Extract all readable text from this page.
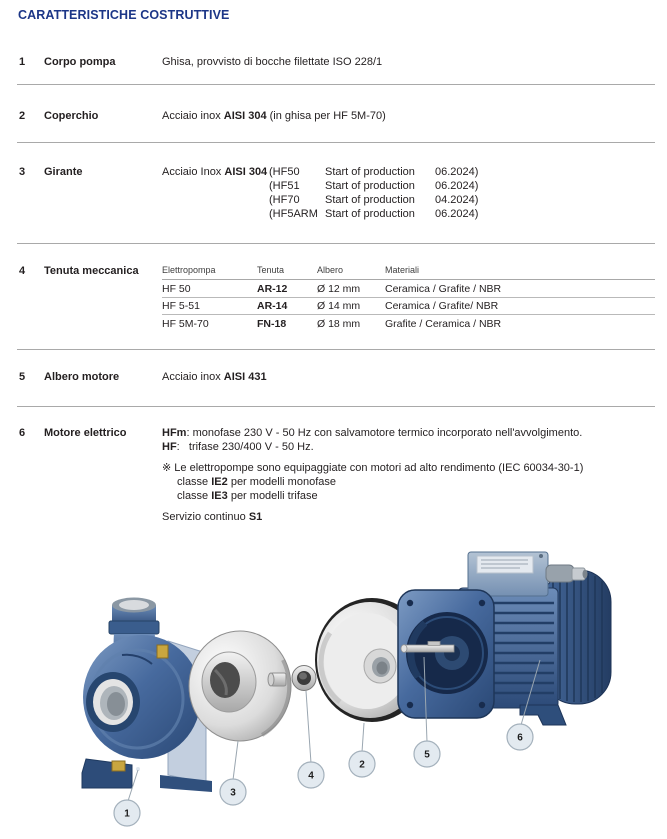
CARATTERISTICHE COSTRUTTIVE
1	Corpo pompa	Ghisa, provvisto di bocche filettate ISO 228/1
2	Coperchio	Acciaio inox AISI 304 (in ghisa per HF 5M-70)
3	Girante	Acciaio Inox AISI 304 (HF50	Start of production	06.2024)
(HF51	Start of production	06.2024)
(HF70	Start of production	04.2024)
(HF5ARM Start of production	06.2024)
4	Tenuta meccanica	Elettropompa	Tenuta	Albero	Materiali
HF 50	AR-12	Ø 12 mm	Ceramica / Grafite / NBR
HF 5-51	AR-14	Ø 14 mm	Ceramica / Grafite/ NBR
HF 5M-70	FN-18	Ø 18 mm	Grafite / Ceramica / NBR
5	Albero motore	Acciaio inox AISI 431
6	Motore elettrico	HFm: monofase 230 V - 50 Hz con salvamotore termico incorporato nell'avvolgimento.
HF:   trifase 230/400 V - 50 Hz.
※ Le elettropompe sono equipaggiate con motori ad alto rendimento (IEC 60034-30-1)
classe IE2 per modelli monofase
classe IE3 per modelli trifase
Servizio continuo S1
1
2
3
4
5
6
